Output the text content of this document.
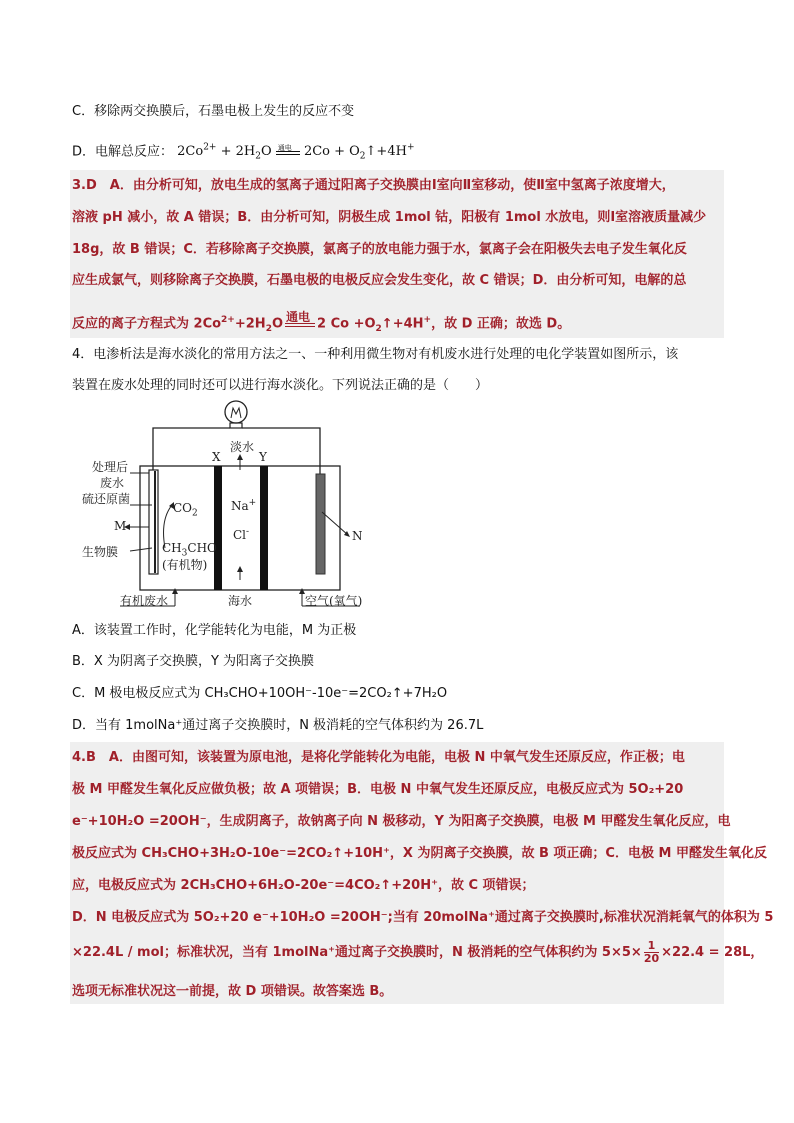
C．移除两交换膜后，石墨电极上发生的反应不变
D．电解总反应： $2Co^{2+} + 2H_2O$ 通电 $2Co + O_2↑+4H^+$
3.D　A．由分析可知，放电生成的氢离子通过阳离子交换膜由Ⅰ室向Ⅱ室移动，使Ⅱ室中氢离子浓度增大，
溶液 pH 减小，故 A 错误；B．由分析可知，阴极生成 1mol 钴，阳极有 1mol 水放电，则Ⅰ室溶液质量减少
18g，故 B 错误；C．若移除离子交换膜，氯离子的放电能力强于水，氯离子会在阳极失去电子发生氧化反
应生成氯气，则移除离子交换膜，石墨电极的电极反应会发生变化，故 C 错误；D．由分析可知，电解的总
反应的离子方程式为 $2Co^{2+}+2H_2O$ 通电 2 $Co +O_2↑+4H^+$，故 D 正确；故选 D。
4．电渗析法是海水淡化的常用方法之一、一种利用微生物对有机废水进行处理的电化学装置如图所示，该
装置在废水处理的同时还可以进行海水淡化。下列说法正确的是（　　）
淡水
X	Y
处理后
废水
硫还原菌
M
生物膜
$CO_2$
$CH_3CHO$
(有机物)
Na+
Cl-	N
有机废水	海水	空气(氧气)
A．该装置工作时，化学能转化为电能，M 为正极
B．X 为阴离子交换膜，Y 为阳离子交换膜
C．M 极电极反应式为 CH₃CHO+10OH⁻-10e⁻=2CO₂↑+7H₂O
D．当有 1molNa⁺通过离子交换膜时，N 极消耗的空气体积约为 26.7L
4.B　A．由图可知，该装置为原电池，是将化学能转化为电能，电极 N 中氧气发生还原反应，作正极；电
极 M 甲醛发生氧化反应做负极；故 A 项错误；B．电极 N 中氧气发生还原反应，电极反应式为 5O₂+20
e⁻+10H₂O =20OH⁻，生成阴离子，故钠离子向 N 极移动，Y 为阳离子交换膜，电极 M 甲醛发生氧化反应，电
极反应式为 CH₃CHO+3H₂O-10e⁻=2CO₂↑+10H⁺，X 为阴离子交换膜，故 B 项正确；C．电极 M 甲醛发生氧化反
应，电极反应式为 2CH₃CHO+6H₂O-20e⁻=4CO₂↑+20H⁺，故 C 项错误；
D．N 电极反应式为 5O₂+20 e⁻+10H₂O =20OH⁻;当有 20molNa⁺通过离子交换膜时,标准状况消耗氧气的体积为 5
×22.4L / mol；标准状况，当有 1molNa⁺通过离子交换膜时，N 极消耗的空气体积约为 $5\times 5\times \frac{1}{20} \times 22.4 = 28L$，
选项无标准状况这一前提，故 D 项错误。故答案选 B。
